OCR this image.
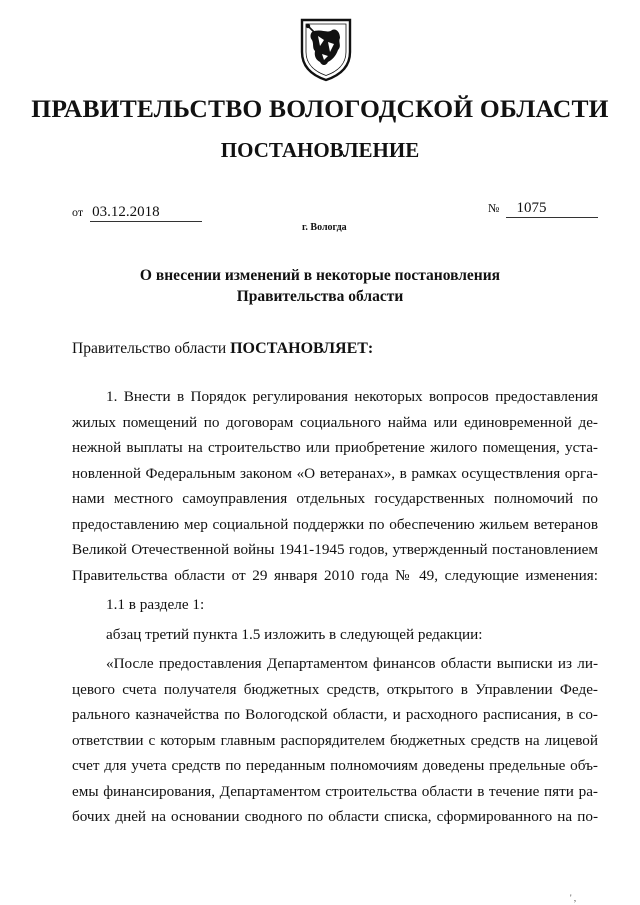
ПРАВИТЕЛЬСТВО ВОЛОГОДСКОЙ ОБЛАСТИ
ПОСТАНОВЛЕНИЕ
от 03.12.2018	№ 1075
г. Вологда
О внесении изменений в некоторые постановления
Правительства области
Правительство области ПОСТАНОВЛЯЕТ:
1. Внести в Порядок регулирования некоторых вопросов предоставления
жилых помещений по договорам социального найма или единовременной де-
нежной выплаты на строительство или приобретение жилого помещения, уста-
новленной Федеральным законом «О ветеранах», в рамках осуществления орга-
нами местного самоуправления отдельных государственных полномочий по
предоставлению мер социальной поддержки по обеспечению жильем ветеранов
Великой Отечественной войны 1941-1945 годов, утвержденный постановлением
Правительства области от 29 января 2010 года № 49, следующие изменения:
1.1 в разделе 1:
абзац третий пункта 1.5 изложить в следующей редакции:
«После предоставления Департаментом финансов области выписки из ли-
цевого счета получателя бюджетных средств, открытого в Управлении Феде-
рального казначейства по Вологодской области, и расходного расписания, в со-
ответствии с которым главным распорядителем бюджетных средств на лицевой
счет для учета средств по переданным полномочиям доведены предельные объ-
емы финансирования, Департаментом строительства области в течение пяти ра-
бочих дней на основании сводного по области списка, сформированного на по-
' ,
